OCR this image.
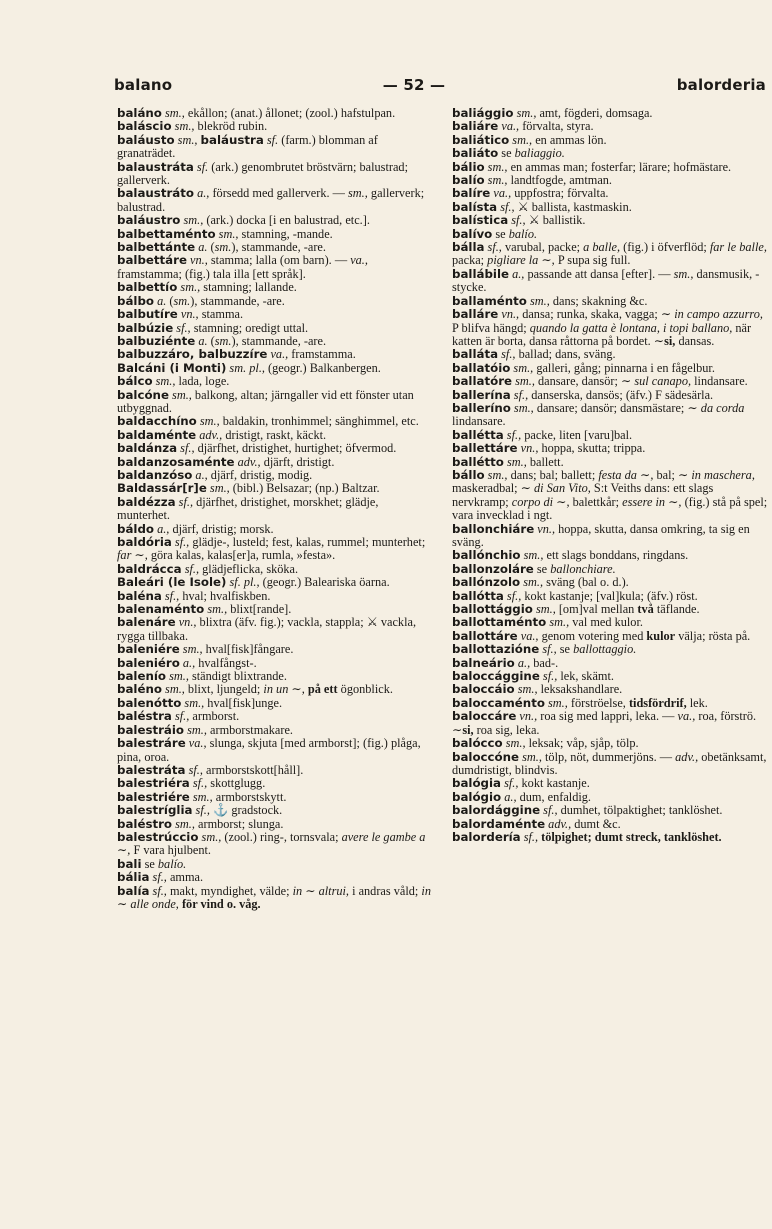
balano	— 52 —	balorderia
baláno sm., ekållon; (anat.) ållonet; (zool.) hafstulpan.
baláscio sm., blekröd rubin.
baláusto sm., baláustra sf. (farm.) blomman af granaträdet.
balaustráta sf. (ark.) genombrutet bröstvärn; balustrad; gallerverk.
balaustráto a., försedd med gallerverk. — sm., gallerverk; balustrad.
baláustro sm., (ark.) docka [i en balustrad, etc.].
balbettaménto sm., stamning, -mande.
balbettánte a. (sm.), stammande, -are.
balbettáre vn., stamma; lalla (om barn). — va., framstamma; (fig.) tala illa [ett språk].
balbettío sm., stamning; lallande.
bálbo a. (sm.), stammande, -are.
balbutíre vn., stamma.
balbúzie sf., stamning; oredigt uttal.
balbuziénte a. (sm.), stammande, -are.
balbuzzáro, balbuzzíre va., framstamma.
Balcáni (i Monti) sm. pl., (geogr.) Balkanbergen.
bálco sm., lada, loge.
balcóne sm., balkong, altan; järngaller vid ett fönster utan utbyggnad.
baldacchíno sm., baldakin, tronhimmel; sänghimmel, etc.
baldaménte adv., dristigt, raskt, käckt.
baldánza sf., djärfhet, dristighet, hurtighet; öfvermod.
baldanzosaménte adv., djärft, dristigt.
baldanzóso a., djärf, dristig, modig.
Baldassár[r]e sm., (bibl.) Belsazar; (np.) Baltzar.
baldézza sf., djärfhet, dristighet, morskhet; glädje, munterhet.
báldo a., djärf, dristig; morsk.
baldória sf., glädje-, lusteld; fest, kalas, rummel; munterhet; far ∼, göra kalas, kalas[er]a, rumla, »festa».
baldrácca sf., glädjeflicka, sköka.
Baleári (le Isole) sf. pl., (geogr.) Baleariska öarna.
baléna sf., hval; hvalfiskben.
balenaménto sm., blixt[rande].
balenáre vn., blixtra (äfv. fig.); vackla, stappla; ⚔ vackla, rygga tillbaka.
baleniére sm., hval[fisk]fångare.
baleniéro a., hvalfångst-.
balenío sm., ständigt blixtrande.
baléno sm., blixt, ljungeld; in un ∼, på ett ögonblick.
balenótto sm., hval[fisk]unge.
baléstra sf., armborst.
balestráio sm., armborstmakare.
balestráre va., slunga, skjuta [med armborst]; (fig.) plåga, pina, oroa.
balestráta sf., armborstskott[håll].
balestriéra sf., skottglugg.
balestriére sm., armborstskytt.
balestríglia sf., ⚓ gradstock.
baléstro sm., armborst; slunga.
balestrúccio sm., (zool.) ring-, tornsvala; avere le gambe a ∼, F vara hjulbent.
bali se balío.
bália sf., amma.
balía sf., makt, myndighet, välde; in ∼ altrui, i andras våld; in ∼ alle onde, för vind o. våg.
baliággio sm., amt, fögderi, domsaga.
baliáre va., förvalta, styra.
baliático sm., en ammas lön.
baliáto se baliaggio.
bálio sm., en ammas man; fosterfar; lärare; hofmästare.
balío sm., landtfogde, amtman.
balíre va., uppfostra; förvalta.
balísta sf., ⚔ ballista, kastmaskin.
balística sf., ⚔ ballistik.
balívo se balío.
bálla sf., varubal, packe; a balle, (fig.) i öfverflöd; far le balle, packa; pigliare la ∼, P supa sig full.
ballábile a., passande att dansa [efter]. — sm., dansmusik, -stycke.
ballaménto sm., dans; skakning &c.
balláre vn., dansa; runka, skaka, vagga; ∼ in campo azzurro, P blifva hängd; quando la gatta è lontana, i topi ballano, när katten är borta, dansa råttorna på bordet. ∼si, dansas.
balláta sf., ballad; dans, sväng.
ballatóio sm., galleri, gång; pinnarna i en fågelbur.
ballatóre sm., dansare, dansör; ∼ sul canapo, lindansare.
ballerína sf., danserska, dansös; (äfv.) F sädesärla.
balleríno sm., dansare; dansör; dansmästare; ∼ da corda lindansare.
balléttа sf., packe, liten [varu]bal.
ballettáre vn., hoppa, skutta; trippa.
ballétto sm., ballett.
bállo sm., dans; bal; ballett; festa da ∼, bal; ∼ in maschera, maskeradbal; ∼ di San Vito, S:t Veiths dans: ett slags nervkramp; corpo di ∼, balettkår; essere in ∼, (fig.) stå på spel; vara invecklad i ngt.
ballonchiáre vn., hoppa, skutta, dansa omkring, ta sig en sväng.
ballónchio sm., ett slags bonddans, ringdans.
ballonzoláre se ballonchiare.
ballónzolo sm., sväng (bal o. d.).
ballótta sf., kokt kastanje; [val]kula; (äfv.) röst.
ballottággio sm., [om]val mellan två täflande.
ballottaménto sm., val med kulor.
ballottáre va., genom votering med kulor välja; rösta på.
ballottazióne sf., se ballottaggio.
balneário a., bad-.
baloccággine sf., lek, skämt.
baloccáio sm., leksakshandlare.
baloccaménto sm., förströelse, tidsfördrif, lek.
baloccáre vn., roa sig med lappri, leka. — va., roa, förströ. ∼si, roa sig, leka.
balócco sm., leksak; våp, sjåp, tölp.
baloccóne sm., tölp, nöt, dummerjöns. — adv., obetänksamt, dumdristigt, blindvis.
balógia sf., kokt kastanje.
balógio a., dum, enfaldig.
balordággine sf., dumhet, tölpaktighet; tanklöshet.
balordaménte adv., dumt &c.
balordería sf., tölpighet; dumt streck, tanklöshet.
